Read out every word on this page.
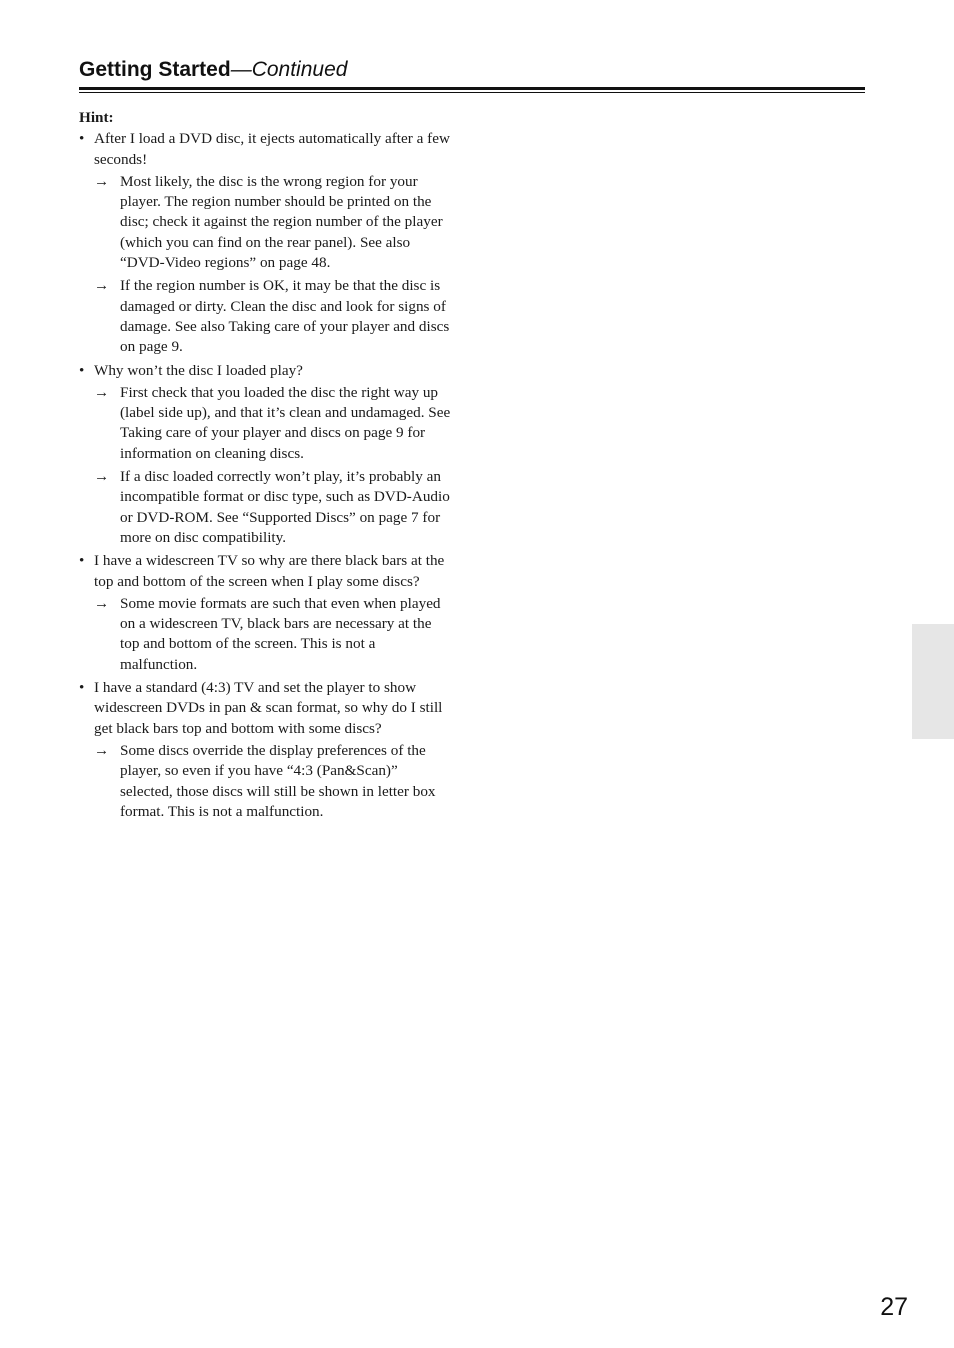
Getting Started—Continued
Hint:
• After I load a DVD disc, it ejects automatically after a few seconds!
→ Most likely, the disc is the wrong region for your player. The region number should be printed on the disc; check it against the region number of the player (which you can find on the rear panel). See also “DVD-Video regions” on page 48.
→ If the region number is OK, it may be that the disc is damaged or dirty. Clean the disc and look for signs of damage. See also Taking care of your player and discs on page 9.
• Why won’t the disc I loaded play?
→ First check that you loaded the disc the right way up (label side up), and that it’s clean and undamaged. See Taking care of your player and discs on page 9 for information on cleaning discs.
→ If a disc loaded correctly won’t play, it’s probably an incompatible format or disc type, such as DVD-Audio or DVD-ROM. See “Supported Discs” on page 7 for more on disc compatibility.
• I have a widescreen TV so why are there black bars at the top and bottom of the screen when I play some discs?
→ Some movie formats are such that even when played on a widescreen TV, black bars are necessary at the top and bottom of the screen. This is not a malfunction.
• I have a standard (4:3) TV and set the player to show widescreen DVDs in pan & scan format, so why do I still get black bars top and bottom with some discs?
→ Some discs override the display preferences of the player, so even if you have “4:3 (Pan&Scan)” selected, those discs will still be shown in letter box format. This is not a malfunction.
27
